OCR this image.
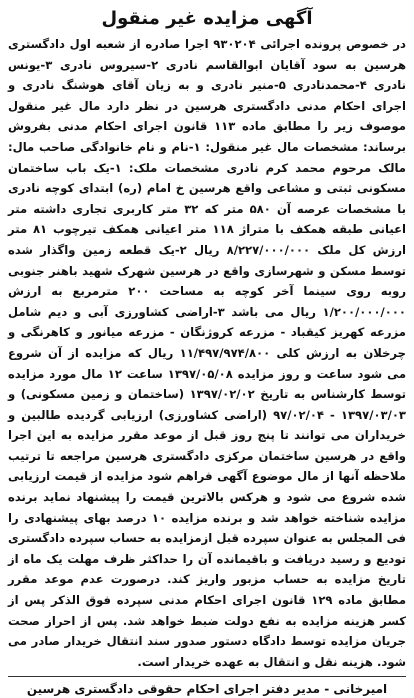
آگهی مزایده غیر منقول

در خصوص پرونده اجرائی ۹۳۰۲۰۴ اجرا صادره از شعبه اول دادگستری هرسین به سود آقایان ابوالقاسم نادری ۲-سیروس نادری ۳-یونس نادری ۴-محمدنادری ۵-منیر نادری و به زیان آقای هوشنگ نادری و اجرای احکام مدنی دادگستری هرسین در نظر دارد مال غیر منقول موصوف زیر را مطابق ماده ۱۱۳ قانون اجرای احکام مدنی بفروش برساند: مشخصات مال غیر منقول: ۱-نام و نام خانوادگی صاحب مال: مالک مرحوم محمد کرم نادری مشخصات ملک: ۱-یک باب ساختمان مسکونی ثبتی و مشاعی واقع هرسین خ امام (ره) ابتدای کوچه نادری با مشخصات عرصه آن ۵۸۰ متر که ۳۲ متر کاربری تجاری داشته متر اعیانی طبقه همکف با متراژ ۱۱۸ متر اعیانی همکف تیرچوب ۸۱ متر ارزش کل ملک ۸/۲۲۷/۰۰۰/۰۰۰ ریال ۲-یک قطعه زمین واگذار شده توسط مسکن و شهرسازی واقع در هرسین شهرک شهید باهنر جنوبی روبه روی سینما آخر کوچه به مساحت ۲۰۰ مترمربع به ارزش ۱/۲۰۰/۰۰۰/۰۰۰ ریال می باشد ۳-اراضی کشاورزی آبی و دیم شامل مزرعه کهریز کیقباد - مزرعه کروژنگان - مزرعه میانور و کاهرنگی و چرخلان به ارزش کلی ۱۱/۴۹۷/۹۷۴/۸۰۰ ریال که مزایده از آن شروع می شود ساعت و روز مزایده ۱۳۹۷/۰۵/۰۸ ساعت ۱۲ مال مورد مزایده توسط کارشناس به تاریخ ۱۳۹۷/۰۲/۰۲ (ساختمان و زمین مسکونی) و ۱۳۹۷/۰۳/۰۳ - ۹۷/۰۲/۰۴ (اراضی کشاورزی) ارزیابی گردیده طالبین و خریداران می توانند تا پنج روز قبل از موعد مقرر مزایده به این اجرا واقع در هرسین ساختمان مرکزی دادگستری هرسین مراجعه تا ترتیب ملاحظه آنها از مال موضوع آگهی فراهم شود مزایده از قیمت ارزیابی شده شروع می شود و هرکس بالاترین قیمت را پیشنهاد نماید برنده مزایده شناخته خواهد شد و برنده مزایده ۱۰ درصد بهای پیشنهادی را فی المجلس به عنوان سپرده قبل ازمزایده به حساب سپرده دادگستری تودیع و رسید دریافت و باقیمانده آن را حداکثر ظرف مهلت یک ماه از تاریخ مزایده به حساب مزبور واریز کند. درصورت عدم موعد مقرر مطابق ماده ۱۲۹ قانون اجرای احکام مدنی سپرده فوق الذکر پس از کسر هزینه مزایده به نفع دولت ضبط خواهد شد. پس از احراز صحت جریان مزایده توسط دادگاه دستور صدور سند انتقال خریدار صادر می شود. هزینه نقل و انتقال به عهده خریدار است.

امیرخانی - مدیر دفتر اجرای احکام حقوقی دادگستری هرسین
